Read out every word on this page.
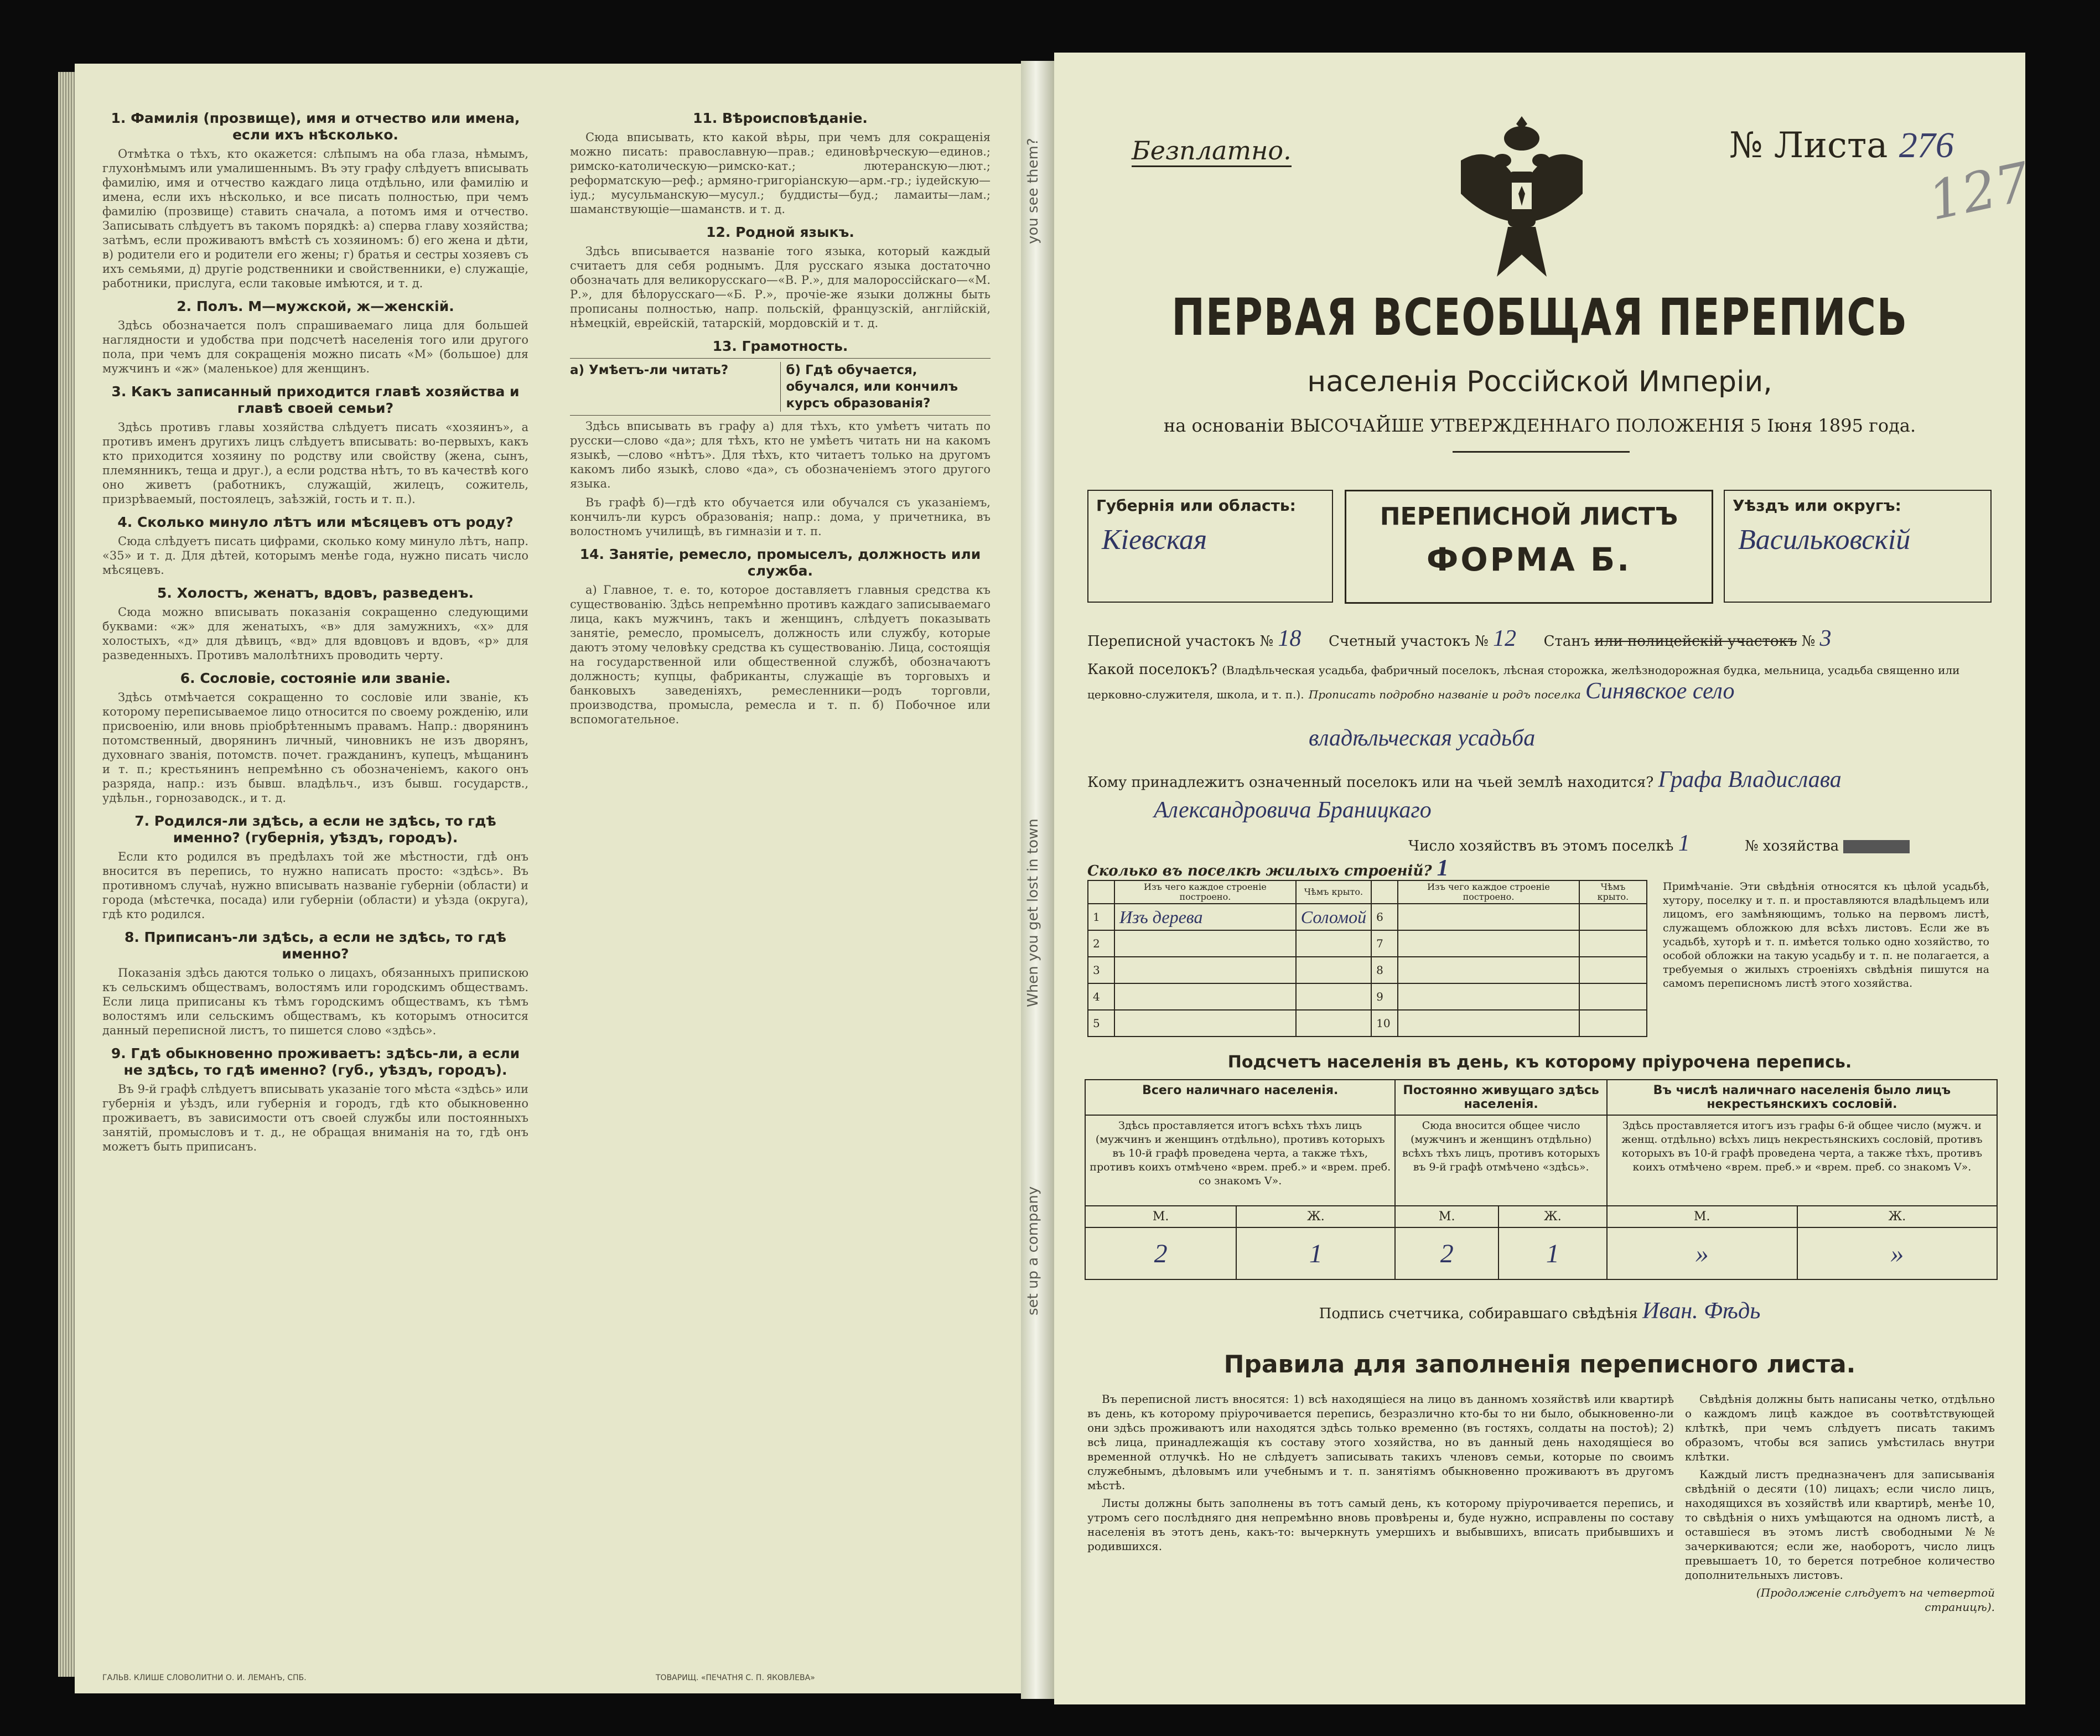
1. Фамилія (прозвище), имя и отчество или имена, если ихъ нѣсколько.

Отмѣтка о тѣхъ, кто окажется: слѣпымъ на оба глаза, нѣмымъ, глухонѣмымъ или умалишеннымъ. Въ эту графу слѣдуетъ вписывать фамилію, имя и отчество каждаго лица отдѣльно, или фамилію и имена, если ихъ нѣсколько, и все писать полностью, при чемъ фамилію (прозвище) ставить сначала, а потомъ имя и отчество. Записывать слѣдуетъ въ такомъ порядкѣ: а) сперва главу хозяйства; затѣмъ, если проживаютъ вмѣстѣ съ хозяиномъ: б) его жена и дѣти, в) родители его и родители его жены; г) братья и сестры хозяевъ съ ихъ семьями, д) другіе родственники и свойственники, е) служащіе, работники, прислуга, если таковые имѣются, и т. д.

2. Полъ. М—мужской, ж—женскій.

Здѣсь обозначается полъ спрашиваемаго лица для большей наглядности и удобства при подсчетѣ населенія того или другого пола, при чемъ для сокращенія можно писать «М» (большое) для мужчинъ и «ж» (маленькое) для женщинъ.

3. Какъ записанный приходится главѣ хозяйства и главѣ своей семьи?

Здѣсь противъ главы хозяйства слѣдуетъ писать «хозяинъ», а противъ именъ другихъ лицъ слѣдуетъ вписывать: во-первыхъ, какъ кто приходится хозяину по родству или свойству (жена, сынъ, племянникъ, теща и друг.), а если родства нѣтъ, то въ качествѣ кого оно живетъ (работникъ, служащій, жилецъ, сожитель, призрѣваемый, постоялецъ, заѣзжій, гость и т. п.).

4. Сколько минуло лѣтъ или мѣсяцевъ отъ роду?

Сюда слѣдуетъ писать цифрами, сколько кому минуло лѣтъ, напр. «35» и т. д. Для дѣтей, которымъ менѣе года, нужно писать число мѣсяцевъ.

5. Холостъ, женатъ, вдовъ, разведенъ.

Сюда можно вписывать показанія сокращенно следующими буквами: «ж» для женатыхъ, «в» для замужнихъ, «х» для холостыхъ, «д» для дѣвицъ, «вд» для вдовцовъ и вдовъ, «р» для разведенныхъ. Противъ малолѣтнихъ проводить черту.

6. Сословіе, состояніе или званіе.

Здѣсь отмѣчается сокращенно то сословіе или званіе, къ которому переписываемое лицо относится по своему рожденію, или присвоенію, или вновь пріобрѣтеннымъ правамъ. Напр.: дворянинъ потомственный, дворянинъ личный, чиновникъ не изъ дворянъ, духовнаго званія, потомств. почет. гражданинъ, купецъ, мѣщанинъ и т. п.; крестьянинъ непремѣнно съ обозначеніемъ, какого онъ разряда, напр.: изъ бывш. владѣльч., изъ бывш. государств., удѣльн., горнозаводск., и т. д.

7. Родился-ли здѣсь, а если не здѣсь, то гдѣ именно? (губернія, уѣздъ, городъ).

Если кто родился въ предѣлахъ той же мѣстности, гдѣ онъ вносится въ перепись, то нужно написать просто: «здѣсь». Въ противномъ случаѣ, нужно вписывать названіе губерніи (области) и города (мѣстечка, посада) или губерніи (области) и уѣзда (округа), гдѣ кто родился.

8. Приписанъ-ли здѣсь, а если не здѣсь, то гдѣ именно?

Показанія здѣсь даются только о лицахъ, обязанныхъ припискою къ сельскимъ обществамъ, волостямъ или городскимъ обществамъ. Если лица приписаны къ тѣмъ городскимъ обществамъ, къ тѣмъ волостямъ или сельскимъ обществамъ, къ которымъ относится данный переписной листъ, то пишется слово «здѣсь».

9. Гдѣ обыкновенно проживаетъ: здѣсь-ли, а если не здѣсь, то гдѣ именно? (губ., уѣздъ, городъ).

Въ 9-й графѣ слѣдуетъ вписывать указаніе того мѣста «здѣсь» или губернія и уѣздъ, или губернія и городъ, гдѣ кто обыкновенно проживаетъ, въ зависимости отъ своей службы или постоянныхъ занятій, промысловъ и т. д., не обращая вниманія на то, гдѣ онъ можетъ быть приписанъ.

11. Вѣроисповѣданіе.

Сюда вписывать, кто какой вѣры, при чемъ для сокращенія можно писать: православную—прав.; единовѣрческую—единов.; римско-католическую—римско-кат.; лютеранскую—лют.; реформатскую—реф.; армяно-григоріанскую—арм.-гр.; іудейскую—іуд.; мусульманскую—мусул.; буддисты—буд.; ламаиты—лам.; шаманствующіе—шаманств. и т. д.

12. Родной языкъ.

Здѣсь вписывается названіе того языка, который каждый считаетъ для себя роднымъ. Для русскаго языка достаточно обозначать для великорусскаго—«В. Р.», для малороссійскаго—«М. Р.», для бѣлорусскаго—«Б. Р.», прочіе-же языки должны быть прописаны полностью, напр. польскій, французскій, англійскій, нѣмецкій, еврейскій, татарскій, мордовскій и т. д.

13. Грамотность.
а) Умѣетъ-ли читать?	б) Гдѣ обучается, обучался, или кончилъ курсъ образованія?

Здѣсь вписывать въ графу а) для тѣхъ, кто умѣетъ читать по русски—слово «да»; для тѣхъ, кто не умѣетъ читать ни на какомъ языкѣ, —слово «нѣтъ». Для тѣхъ, кто читаетъ только на другомъ какомъ либо языкѣ, слово «да», съ обозначеніемъ этого другого языка.

Въ графѣ б)—гдѣ кто обучается или обучался съ указаніемъ, кончилъ-ли курсъ образованія; напр.: дома, у причетника, въ волостномъ училищѣ, въ гимназіи и т. п.

14. Занятіе, ремесло, промыселъ, должность или служба.

а) Главное, т. е. то, которое доставляетъ главныя средства къ существованію. Здѣсь непремѣнно противъ каждаго записываемаго лица, какъ мужчинъ, такъ и женщинъ, слѣдуетъ показывать занятіе, ремесло, промыселъ, должность или службу, которые даютъ этому человѣку средства къ существованію. Лица, состоящія на государственной или общественной службѣ, обозначаютъ должность; купцы, фабриканты, служащіе въ торговыхъ и банковыхъ заведеніяхъ, ремесленники—родъ торговли, производства, промысла, ремесла и т. п. б) Побочное или вспомогательное.

ГАЛЬВ. КЛИШЕ СЛОВОЛИТНИ О. И. ЛЕМАНЪ, СПБ.	ТОВАРИЩ. «ПЕЧАТНЯ С. П. ЯКОВЛЕВА»
When you get lost in town
set up a company
you see them?	Безплатно.	№ Листа 276
127
ПЕРВАЯ ВСЕОБЩАЯ ПЕРЕПИСЬ
населенія Россійской Имперіи,
на основаніи ВЫСОЧАЙШЕ УТВЕРЖДЕННАГО ПОЛОЖЕНІЯ 5 Іюня 1895 года.
Губернія или область:
Кіевская
ПЕРЕПИСНОЙ ЛИСТЪ
ФОРМА Б.
Уѣздъ или округъ:
Васильковскій
Переписной участокъ № 18 Счетный участокъ № 12 Станъ или полицейскій участокъ № 3
Какой поселокъ? (Владѣльческая усадьба, фабричный поселокъ, лѣсная сторожка, желѣзнодорожная будка, мельница, усадьба священно или церковно-служителя, школа, и т. п.). Прописать подробно названіе и родъ поселка Синявское село
владѣльческая усадьба
Кому принадлежитъ означенный поселокъ или на чьей землѣ находится? Графа Владислава
Александровича Браницкаго
Число хозяйствъ въ этомъ поселкѣ 1	№ хозяйства
Сколько въ поселкѣ жилыхъ строеній? 1
	Изъ чего каждое строеніе построено.	Чѣмъ крыто.		Изъ чего каждое строеніе построено.	Чѣмъ крыто.
1	Изъ дерева	Соломой	6		
2			7		
3			8		
4			9		
5			10		
Примѣчаніе. Эти свѣдѣнія относятся къ цѣлой усадьбѣ, хутору, поселку и т. п. и проставляются владѣльцемъ или лицомъ, его замѣняющимъ, только на первомъ листѣ, служащемъ обложкою для всѣхъ листовъ. Если же въ усадьбѣ, хуторѣ и т. п. имѣется только одно хозяйство, то особой обложки на такую усадьбу и т. п. не полагается, а требуемыя о жилыхъ строеніяхъ свѣдѣнія пишутся на самомъ переписномъ листѣ этого хозяйства.
Подсчетъ населенія въ день, къ которому пріурочена перепись.
Всего наличнаго населенія.		Постоянно живущаго здѣсь населенія.		Въ числѣ наличнаго населенія было лицъ некрестьянскихъ сословій.	
Здѣсь проставляется итогъ всѣхъ тѣхъ лицъ (мужчинъ и женщинъ отдѣльно), противъ которыхъ въ 10-й графѣ проведена черта, а также тѣхъ, противъ коихъ отмѣчено «врем. преб.» и «врем. преб. со знакомъ V».		Сюда вносится общее число (мужчинъ и женщинъ отдѣльно) всѣхъ тѣхъ лицъ, противъ которыхъ въ 9-й графѣ отмѣчено «здѣсь».		Здѣсь проставляется итогъ изъ графы 6-й общее число (мужч. и женщ. отдѣльно) всѣхъ лицъ некрестьянскихъ сословій, противъ которыхъ въ 10-й графѣ проведена черта, а также тѣхъ, противъ коихъ отмѣчено «врем. преб.» и «врем. преб. со знакомъ V».	
М.	Ж.	М.	Ж.	М.	Ж.
2	1	2	1	»	»
Подпись счетчика, собиравшаго свѣдѣнія Иван. Фѣдь
Правила для заполненія переписного листа.

Въ переписной листъ вносятся: 1) всѣ находящіеся на лицо въ данномъ хозяйствѣ или квартирѣ въ день, къ которому пріурочивается перепись, безразлично кто-бы то ни было, обыкновенно-ли они здѣсь проживаютъ или находятся здѣсь только временно (въ гостяхъ, солдаты на постоѣ); 2) всѣ лица, принадлежащія къ составу этого хозяйства, но въ данный день находящіеся во временной отлучкѣ. Но не слѣдуетъ записывать такихъ членовъ семьи, которые по своимъ служебнымъ, дѣловымъ или учебнымъ и т. п. занятіямъ обыкновенно проживаютъ въ другомъ мѣстѣ.

Листы должны быть заполнены въ тотъ самый день, къ которому пріурочивается перепись, и утромъ сего послѣдняго дня непремѣнно вновь провѣрены и, буде нужно, исправлены по составу населенія въ этотъ день, какъ-то: вычеркнуть умершихъ и выбывшихъ, вписать прибывшихъ и родившихся.

Свѣдѣнія должны быть написаны четко, отдѣльно о каждомъ лицѣ каждое въ соотвѣтствующей клѣткѣ, при чемъ слѣдуетъ писать такимъ образомъ, чтобы вся запись умѣстилась внутри клѣтки.

Каждый листъ предназначенъ для записыванія свѣдѣній о десяти (10) лицахъ; если число лицъ, находящихся въ хозяйствѣ или квартирѣ, менѣе 10, то свѣдѣнія о нихъ умѣщаются на одномъ листѣ, а оставшіеся въ этомъ листѣ свободными №№ зачеркиваются; если же, наоборотъ, число лицъ превышаетъ 10, то берется потребное количество дополнительныхъ листовъ.

(Продолженіе слѣдуетъ на четвертой страницѣ).
